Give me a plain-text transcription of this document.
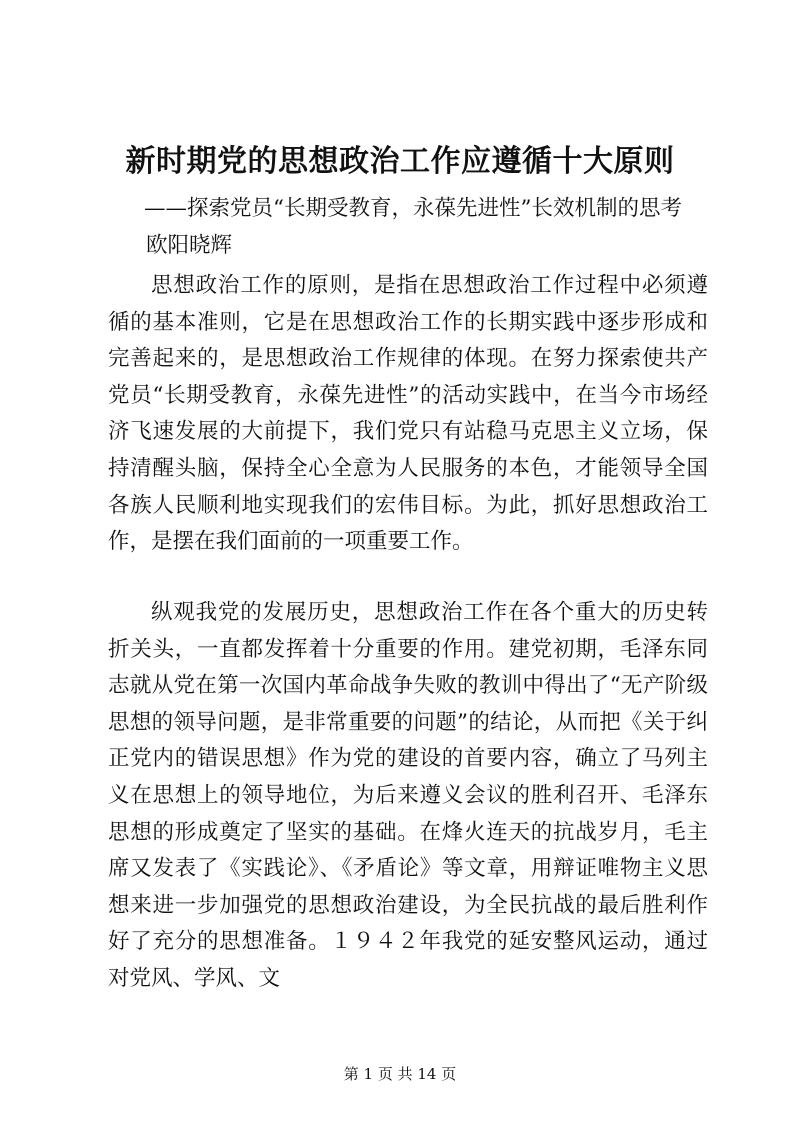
新时期党的思想政治工作应遵循十大原则
——探索党员“长期受教育，永葆先进性”长效机制的思考
欧阳晓辉

思想政治工作的原则，是指在思想政治工作过程中必须遵循的基本准则，它是在思想政治工作的长期实践中逐步形成和完善起来的，是思想政治工作规律的体现。在努力探索使共产党员“长期受教育，永葆先进性”的活动实践中，在当今市场经济飞速发展的大前提下，我们党只有站稳马克思主义立场，保持清醒头脑，保持全心全意为人民服务的本色，才能领导全国各族人民顺利地实现我们的宏伟目标。为此，抓好思想政治工作，是摆在我们面前的一项重要工作。

纵观我党的发展历史，思想政治工作在各个重大的历史转折关头，一直都发挥着十分重要的作用。建党初期，毛泽东同志就从党在第一次国内革命战争失败的教训中得出了“无产阶级思想的领导问题，是非常重要的问题”的结论，从而把《关于纠正党内的错误思想》作为党的建设的首要内容，确立了马列主义在思想上的领导地位，为后来遵义会议的胜利召开、毛泽东思想的形成奠定了坚实的基础。在烽火连天的抗战岁月，毛主席又发表了《实践论》、《矛盾论》等文章，用辩证唯物主义思想来进一步加强党的思想政治建设，为全民抗战的最后胜利作好了充分的思想准备。１９４２年我党的延安整风运动，通过对党风、学风、文

第 1 页 共 14 页
